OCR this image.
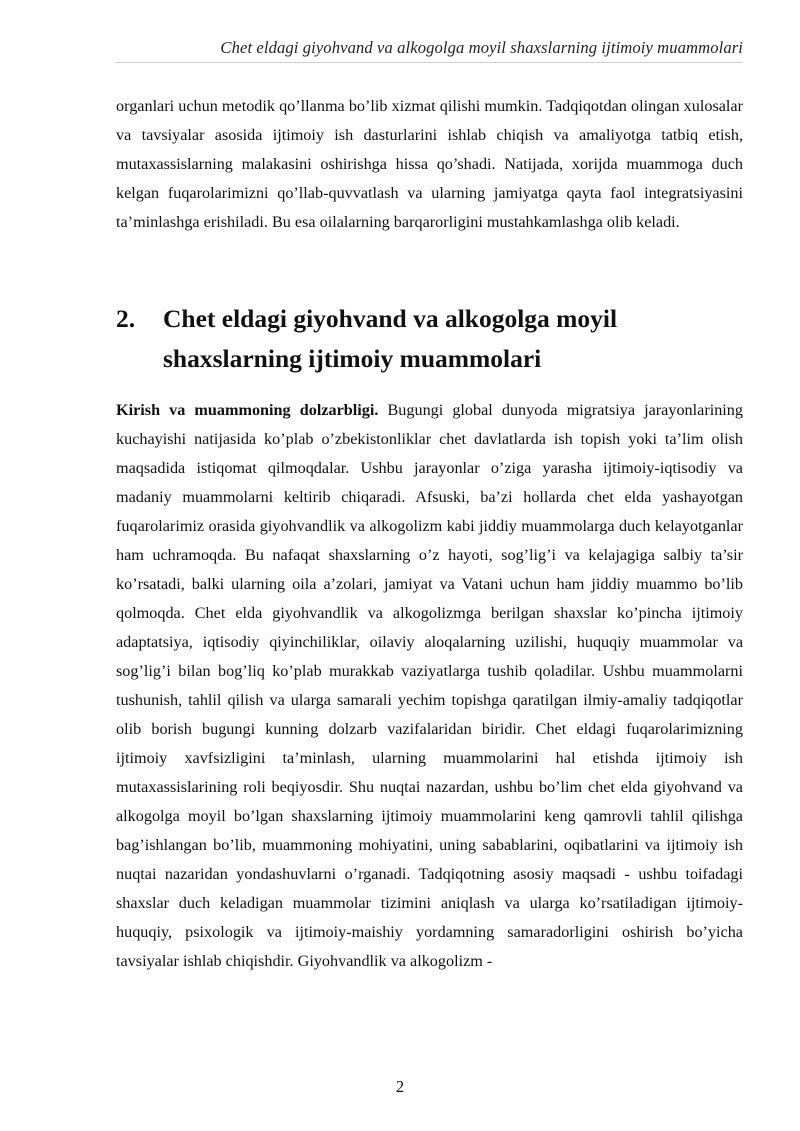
Chet eldagi giyohvand va alkogolga moyil shaxslarning ijtimoiy muammolari

organlari uchun metodik qo’llanma bo’lib xizmat qilishi mumkin. Tadqiqotdan olingan xulosalar va tavsiyalar asosida ijtimoiy ish dasturlarini ishlab chiqish va amaliyotga tatbiq etish, mutaxassislarning malakasini oshirishga hissa qo’shadi. Natijada, xorijda muammoga duch kelgan fuqarolarimizni qo’llab-quvvatlash va ularning jamiyatga qayta faol integratsiyasini ta’minlashga erishiladi. Bu esa oilalarning barqarorligini mustahkamlashga olib keladi.

2.	Chet eldagi giyohvand va alkogolga moyil shaxslarning ijtimoiy muammolari

Kirish va muammoning dolzarbligi. Bugungi global dunyoda migratsiya jarayonlarining kuchayishi natijasida ko’plab o’zbekistonliklar chet davlatlarda ish topish yoki ta’lim olish maqsadida istiqomat qilmoqdalar. Ushbu jarayonlar o’ziga yarasha ijtimoiy-iqtisodiy va madaniy muammolarni keltirib chiqaradi. Afsuski, ba’zi hollarda chet elda yashayotgan fuqarolarimiz orasida giyohvandlik va alkogolizm kabi jiddiy muammolarga duch kelayotganlar ham uchramoqda. Bu nafaqat shaxslarning o’z hayoti, sog’lig’i va kelajagiga salbiy ta’sir ko’rsatadi, balki ularning oila a’zolari, jamiyat va Vatani uchun ham jiddiy muammo bo’lib qolmoqda. Chet elda giyohvandlik va alkogolizmga berilgan shaxslar ko’pincha ijtimoiy adaptatsiya, iqtisodiy qiyinchiliklar, oilaviy aloqalarning uzilishi, huquqiy muammolar va sog’lig’i bilan bog’liq ko’plab murakkab vaziyatlarga tushib qoladilar. Ushbu muammolarni tushunish, tahlil qilish va ularga samarali yechim topishga qaratilgan ilmiy-amaliy tadqiqotlar olib borish bugungi kunning dolzarb vazifalaridan biridir. Chet eldagi fuqarolarimizning ijtimoiy xavfsizligini ta’minlash, ularning muammolarini hal etishda ijtimoiy ish mutaxassislarining roli beqiyosdir. Shu nuqtai nazardan, ushbu bo’lim chet elda giyohvand va alkogolga moyil bo’lgan shaxslarning ijtimoiy muammolarini keng qamrovli tahlil qilishga bag’ishlangan bo’lib, muammoning mohiyatini, uning sabablarini, oqibatlarini va ijtimoiy ish nuqtai nazaridan yondashuvlarni o’rganadi. Tadqiqotning asosiy maqsadi - ushbu toifadagi shaxslar duch keladigan muammolar tizimini aniqlash va ularga ko’rsatiladigan ijtimoiy-huquqiy, psixologik va ijtimoiy-maishiy yordamning samaradorligini oshirish bo’yicha tavsiyalar ishlab chiqishdir. Giyohvandlik va alkogolizm -

2
